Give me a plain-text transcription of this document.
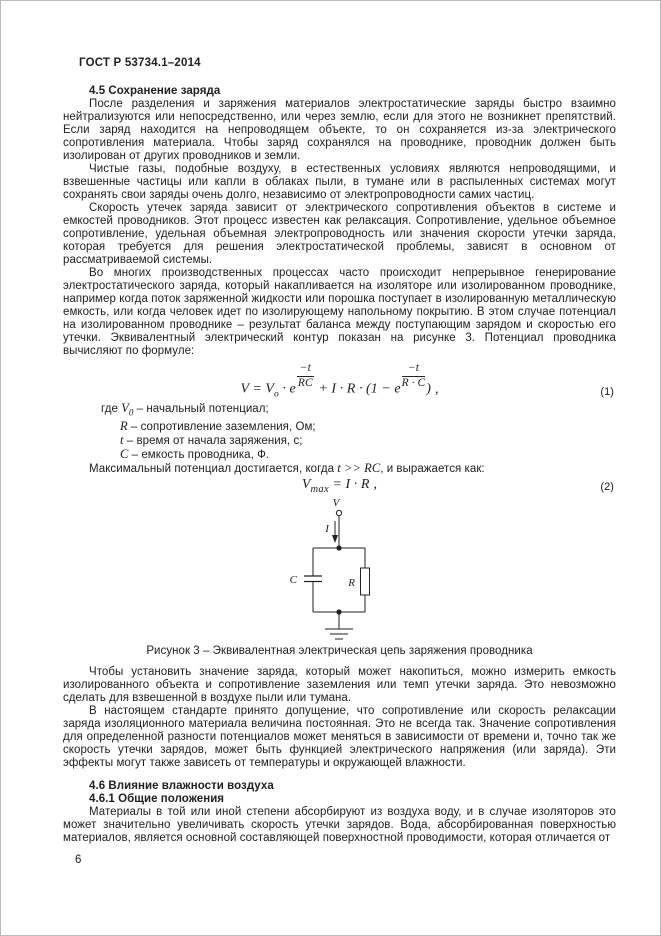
ГОСТ Р 53734.1–2014
4.5 Сохранение заряда

После разделения и заряжения материалов электростатические заряды быстро взаимно нейтрализуются или непосредственно, или через землю, если для этого не возникнет препятствий. Если заряд находится на непроводящем объекте, то он сохраняется из-за электрического сопротивления материала. Чтобы заряд сохранялся на проводнике, проводник должен быть изолирован от других проводников и земли.

Чистые газы, подобные воздуху, в естественных условиях являются непроводящими, и взвешенные частицы или капли в облаках пыли, в тумане или в распыленных системах могут сохранять свои заряды очень долго, независимо от электропроводности самих частиц.

Скорость утечек заряда зависит от электрического сопротивления объектов в системе и емкостей проводников. Этот процесс известен как релаксация. Сопротивление, удельное объемное сопротивление, удельная объемная электропроводность или значения скорости утечки заряда, которая требуется для решения электростатической проблемы, зависят в основном от рассматриваемой системы.

Во многих производственных процессах часто происходит непрерывное генерирование электростатического заряда, который накапливается на изоляторе или изолированном проводнике, например когда поток заряженной жидкости или порошка поступает в изолированную металлическую емкость, или когда человек идет по изолирующему напольному покрытию. В этом случае потенциал на изолированном проводнике – результат баланса между поступающим зарядом и скоростью его утечки. Эквивалентный электрический контур показан на рисунке 3. Потенциал проводника вычисляют по формуле:

$V = V_о \cdot e \frac{-t}{RC} + I \cdot R \cdot (1 - e \frac{-t}{R \cdot C}$ ) ,	(1)

где $V_0$ – начальный потенциал;

R – сопротивление заземления, Ом;

t – время от начала заряжения, с;

C – емкость проводника, Ф.

Максимальный потенциал достигается, когда t >> RC, и выражается как:

$V_{max} = I \cdot R$ ,	(2)
V
I
C	R

Рисунок 3 – Эквивалентная электрическая цепь заряжения проводника

Чтобы установить значение заряда, который может накопиться, можно измерить емкость изолированного объекта и сопротивление заземления или темп утечки заряда. Это невозможно сделать для взвешенной в воздухе пыли или тумана.

В настоящем стандарте принято допущение, что сопротивление или скорость релаксации заряда изоляционного материала величина постоянная. Это не всегда так. Значение сопротивления для определенной разности потенциалов может меняться в зависимости от времени и, точно так же скорость утечки зарядов, может быть функцией электрического напряжения (или заряда). Эти эффекты могут также зависеть от температуры и окружающей влажности.

4.6 Влияние влажности воздуха
4.6.1 Общие положения

Материалы в той или иной степени абсорбируют из воздуха воду, и в случае изоляторов это может значительно увеличивать скорость утечки зарядов. Вода, абсорбированная поверхностью материалов, является основной составляющей поверхностной проводимости, которая отличается от

6
